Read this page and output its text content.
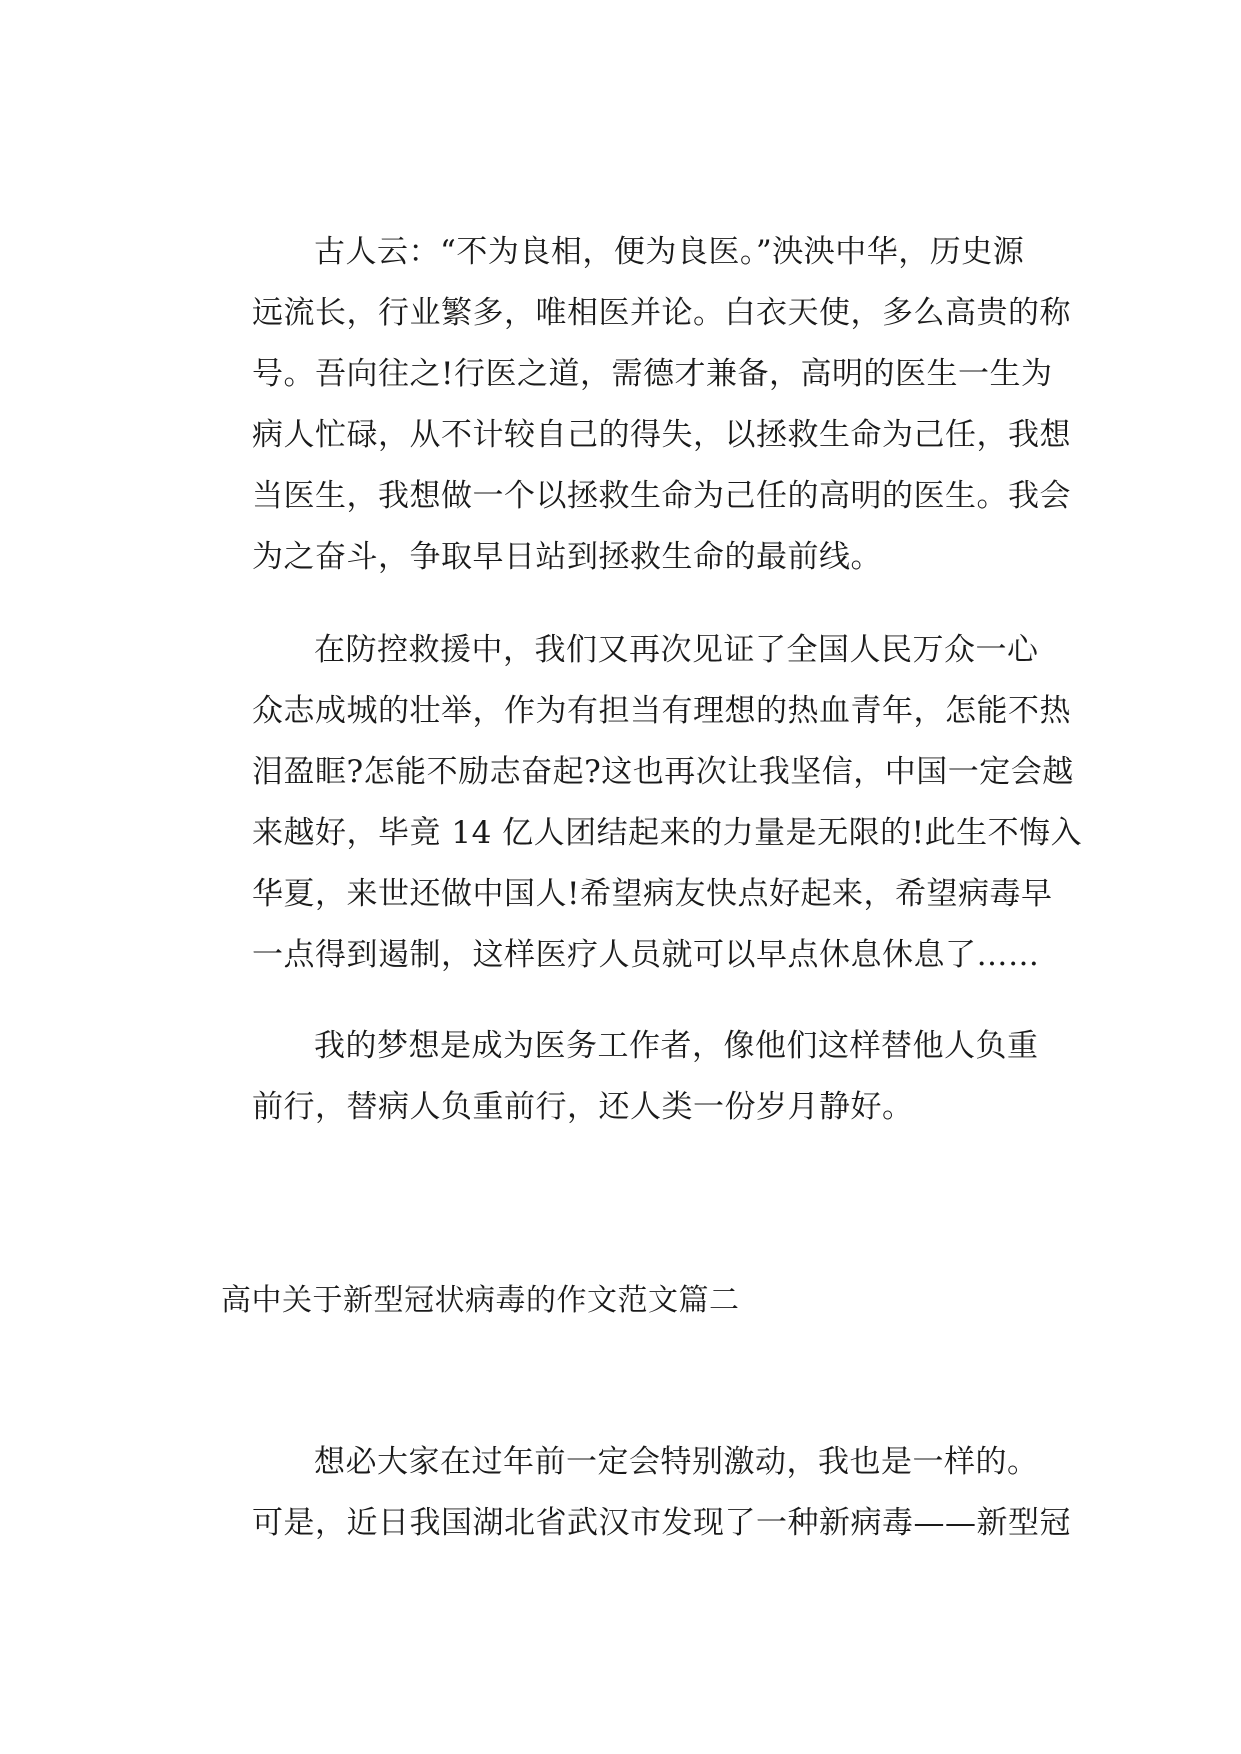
古人云：“不为良相，便为良医。”泱泱中华，历史源
远流长，行业繁多，唯相医并论。白衣天使，多么高贵的称
号。吾向往之!行医之道，需德才兼备，高明的医生一生为
病人忙碌，从不计较自己的得失，以拯救生命为己任，我想
当医生，我想做一个以拯救生命为己任的高明的医生。我会
为之奋斗，争取早日站到拯救生命的最前线。

在防控救援中，我们又再次见证了全国人民万众一心
众志成城的壮举，作为有担当有理想的热血青年，怎能不热
泪盈眶?怎能不励志奋起?这也再次让我坚信，中国一定会越
来越好，毕竟 14 亿人团结起来的力量是无限的!此生不悔入
华夏，来世还做中国人!希望病友快点好起来，希望病毒早
一点得到遏制，这样医疗人员就可以早点休息休息了……

我的梦想是成为医务工作者，像他们这样替他人负重
前行，替病人负重前行，还人类一份岁月静好。

高中关于新型冠状病毒的作文范文篇二

想必大家在过年前一定会特别激动，我也是一样的。
可是，近日我国湖北省武汉市发现了一种新病毒——新型冠
